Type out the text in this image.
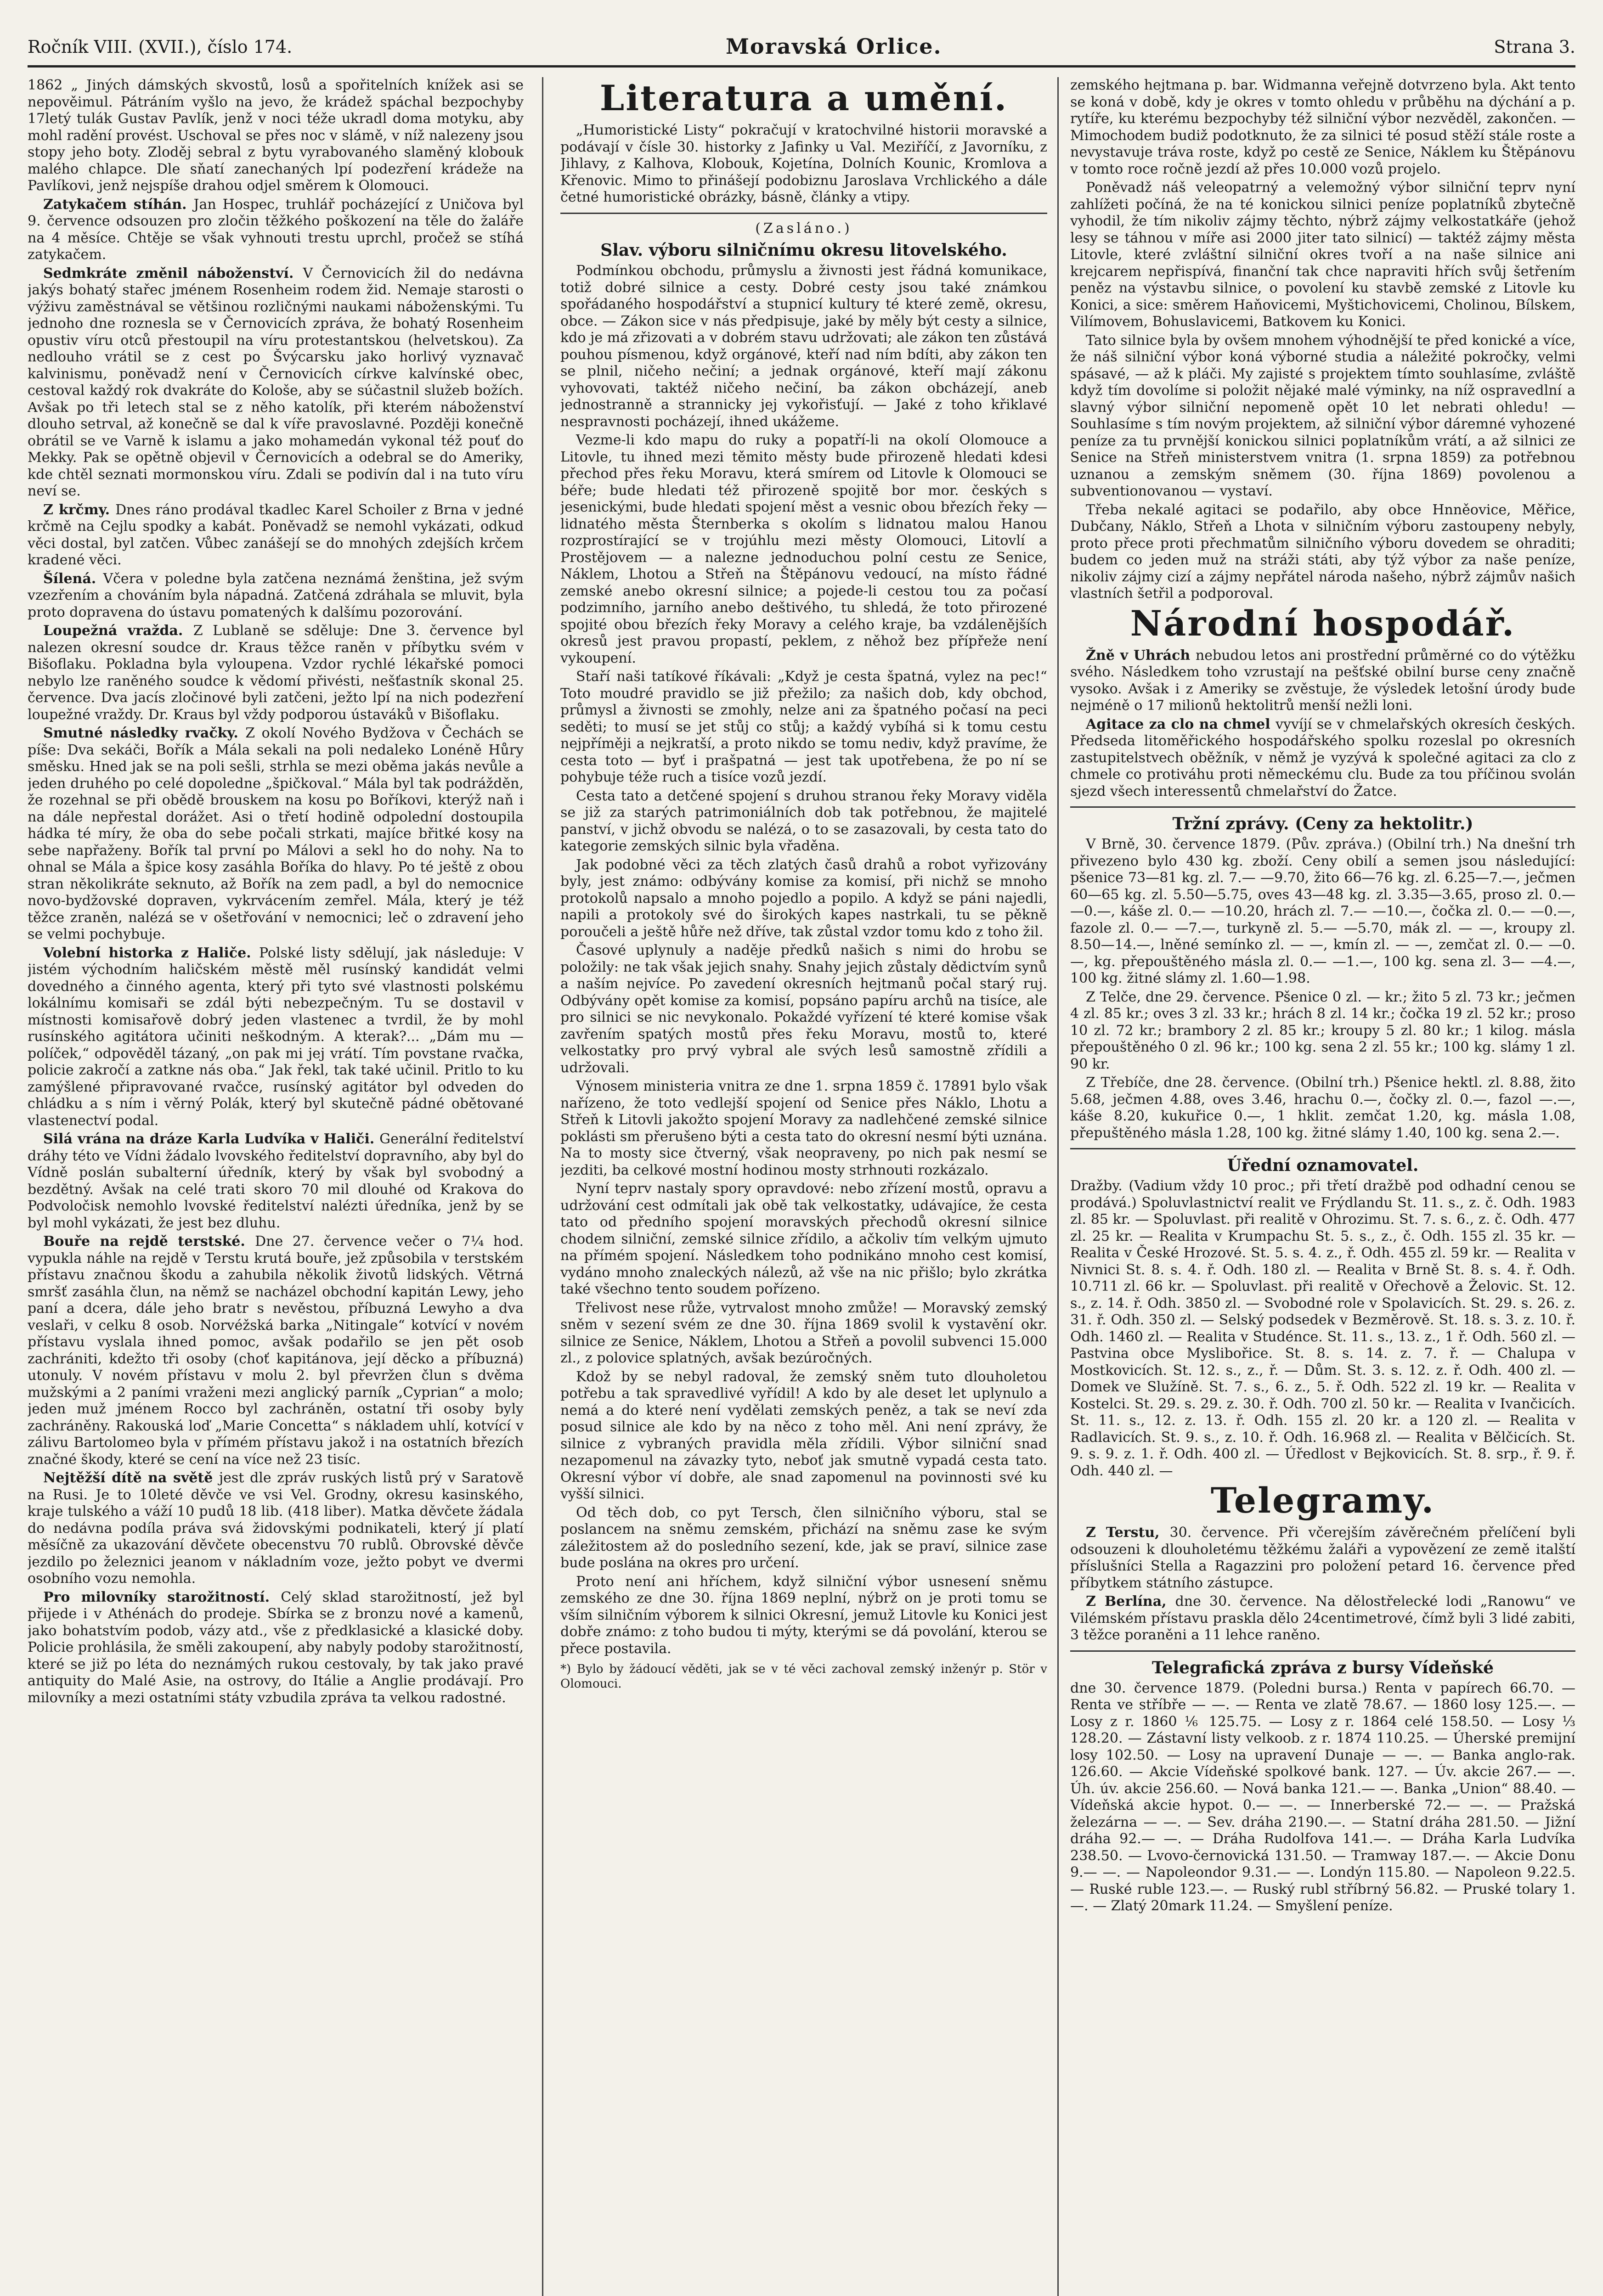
Ročník VIII. (XVII.), číslo 174.	Moravská Orlice.	Strana 3.

1862 „ Jiných dámských skvostů, losů a spořitelních knížek asi se nepověimul. Pátráním vyšlo na jevo, že krádež spáchal bezpochyby 17letý tulák Gustav Pavlík, jenž v noci téže ukradl doma motyku, aby mohl radění provést. Uschoval se přes noc v slámě, v níž nalezeny jsou stopy jeho boty. Zloděj sebral z bytu vyrabovaného slaměný klobouk malého chlapce. Dle sňatí zanechaných lpí podezření krádeže na Pavlíkovi, jenž nejspíše drahou odjel směrem k Olomouci.

Zatykačem stíhán. Jan Hospec, truhlář pocházející z Uničova byl 9. července odsouzen pro zločin těžkého poškození na těle do žaláře na 4 měsíce. Chtěje se však vyhnouti trestu uprchl, pročež se stíhá zatykačem.

Sedmkráte změnil náboženství. V Černovicích žil do nedávna jakýs bohatý stařec jménem Rosenheim rodem žid. Nemaje starosti o výživu zaměstnával se většinou rozličnými naukami náboženskými. Tu jednoho dne roznesla se v Černovicích zpráva, že bohatý Rosenheim opustiv víru otců přestoupil na víru protestantskou (helvetskou). Za nedlouho vrátil se z cest po Švýcarsku jako horlivý vyznavač kalvinismu, poněvadž není v Černovicích církve kalvínské obec, cestoval každý rok dvakráte do Kološe, aby se súčastnil služeb božích. Avšak po tři letech stal se z něho katolík, při kterém náboženství dlouho setrval, až konečně se dal k víře pravoslavné. Později konečně obrátil se ve Varně k islamu a jako mohamedán vykonal též pouť do Mekky. Pak se opětně objevil v Černovicích a odebral se do Ameriky, kde chtěl seznati mormonskou víru. Zdali se podivín dal i na tuto víru neví se.

Z krčmy. Dnes ráno prodával tkadlec Karel Schoiler z Brna v jedné krčmě na Cejlu spodky a kabát. Poněvadž se nemohl vykázati, odkud věci dostal, byl zatčen. Vůbec zanášejí se do mnohých zdejších krčem kradené věci.

Šílená. Včera v poledne byla zatčena neznámá ženština, jež svým vzezřením a chováním byla nápadná. Zatčená zdráhala se mluvit, byla proto dopravena do ústavu pomatených k dalšímu pozorování.

Loupežná vražda. Z Lublaně se sděluje: Dne 3. července byl nalezen okresní soudce dr. Kraus těžce raněn v příbytku svém v Bišoflaku. Pokladna byla vyloupena. Vzdor rychlé lékařské pomoci nebylo lze raněného soudce k vědomí přivésti, nešťastník skonal 25. července. Dva jacís zločinové byli zatčeni, ježto lpí na nich podezření loupežné vraždy. Dr. Kraus byl vždy podporou ústaváků v Bišoflaku.

Smutné následky rvačky. Z okolí Nového Bydžova v Čechách se píše: Dva sekáči, Bořík a Mála sekali na poli nedaleko Lonéně Hůry směsku. Hned jak se na poli sešli, strhla se mezi oběma jakás nevůle a jeden druhého po celé dopoledne „špičkoval.“ Mála byl tak podrážděn, že rozehnal se při obědě brouskem na kosu po Boříkovi, kterýž naň i na dále nepřestal dorážet. Asi o třetí hodině odpolední dostoupila hádka té míry, že oba do sebe počali strkati, majíce břitké kosy na sebe napřaženy. Bořík tal první po Málovi a sekl ho do nohy. Na to ohnal se Mála a špice kosy zasáhla Boříka do hlavy. Po té ještě z obou stran několikráte seknuto, až Bořík na zem padl, a byl do nemocnice novo-bydžovské dopraven, vykrvácením zemřel. Mála, který je též těžce zraněn, nalézá se v ošetřování v nemocnici; leč o zdravení jeho se velmi pochybuje.

Volební historka z Haliče. Polské listy sdělují, jak následuje: V jistém východním haličském městě měl rusínský kandidát velmi dovedného a činného agenta, který při tyto své vlastnosti polskému lokálnímu komisaři se zdál býti nebezpečným. Tu se dostavil v místnosti komisařově dobrý jeden vlastenec a tvrdil, že by mohl rusínského agitátora učiniti neškodným. A kterak?... „Dám mu — políček,“ odpověděl tázaný, „on pak mi jej vrátí. Tím povstane rvačka, policie zakročí a zatkne nás oba.“ Jak řekl, tak také učinil. Pritlo to ku zamýšlené připravované rvačce, rusínský agitátor byl odveden do chládku a s ním i věrný Polák, který byl skutečně pádné obětované vlastenectví podal.

Silá vrána na dráze Karla Ludvíka v Haliči. Generální ředitelství dráhy této ve Vídni žádalo lvovského ředitelství dopravního, aby byl do Vídně poslán subalterní úředník, který by však byl svobodný a bezdětný. Avšak na celé trati skoro 70 mil dlouhé od Krakova do Podvoločisk nemohlo lvovské ředitelství nalézti úředníka, jenž by se byl mohl vykázati, že jest bez dluhu.

Bouře na rejdě terstské. Dne 27. července večer o 7¼ hod. vypukla náhle na rejdě v Terstu krutá bouře, jež způsobila v terstském přístavu značnou škodu a zahubila několik životů lidských. Větrná smršť zasáhla člun, na němž se nacházel obchodní kapitán Lewy, jeho paní a dcera, dále jeho bratr s nevěstou, příbuzná Lewyho a dva veslaři, v celku 8 osob. Norvéžská barka „Nitingale“ kotvící v novém přístavu vyslala ihned pomoc, avšak podařilo se jen pět osob zachrániti, kdežto tři osoby (choť kapitánova, její děcko a příbuzná) utonuly. V novém přístavu v molu 2. byl převržen člun s dvěma mužskými a 2 paními vraženi mezi anglický parník „Cyprian“ a molo; jeden muž jménem Rocco byl zachráněn, ostatní tři osoby byly zachráněny. Rakouská loď „Marie Concetta“ s nákladem uhlí, kotvící v zálivu Bartolomeo byla v přímém přístavu jakož i na ostatních březích značné škody, které se cení na více než 23 tisíc.

Nejtěžší dítě na světě jest dle zpráv ruských listů prý v Saratově na Rusi. Je to 10leté děvče ve vsi Vel. Grodny, okresu kasinského, kraje tulského a váží 10 pudů 18 lib. (418 liber). Matka děvčete žádala do nedávna podíla práva svá židovskými podnikateli, který jí platí měsíčně za ukazování děvčete obecenstvu 70 rublů. Obrovské děvče jezdilo po železnici jeanom v nákladním voze, ježto pobyt ve dvermi osobního vozu nemohla.

Pro milovníky starožitností. Celý sklad starožitností, jež byl přijede i v Athénách do prodeje. Sbírka se z bronzu nové a kamenů, jako bohatstvím podob, vázy atd., vše z předklasické a klasické doby. Policie prohlásila, že směli zakoupení, aby nabyly podoby starožitností, které se již po léta do neznámých rukou cestovaly, by tak jako pravé antiquity do Malé Asie, na ostrovy, do Itálie a Anglie prodávají. Pro milovníky a mezi ostatními státy vzbudila zpráva ta velkou radostné.

Literatura a umění.

„Humoristické Listy“ pokračují v kratochvilné historii moravské a podávají v čísle 30. historky z Jafinky u Val. Meziříčí, z Javorníku, z Jihlavy, z Kalhova, Klobouk, Kojetína, Dolních Kounic, Kromlova a Křenovic. Mimo to přinášejí podobiznu Jaroslava Vrchlického a dále četné humoristické obrázky, básně, články a vtipy.

(Zasláno.)
Slav. výboru silničnímu okresu litovelského.

Podmínkou obchodu, průmyslu a živnosti jest řádná komunikace, totiž dobré silnice a cesty. Dobré cesty jsou také známkou spořádaného hospodářství a stupnicí kultury té které země, okresu, obce. — Zákon sice v nás předpisuje, jaké by měly být cesty a silnice, kdo je má zřizovati a v dobrém stavu udržovati; ale zákon ten zůstává pouhou písmenou, když orgánové, kteří nad ním bdíti, aby zákon ten se plnil, ničeho nečiní; a jednak orgánové, kteří mají zákonu vyhovovati, taktéž ničeho nečiní, ba zákon obcházejí, aneb jednostranně a strannicky jej vykořisťují. — Jaké z toho křiklavé nespravnosti pocházejí, ihned ukážeme.

Vezme-li kdo mapu do ruky a popatří-li na okolí Olomouce a Litovle, tu ihned mezi těmito městy bude přirozeně hledati kdesi přechod přes řeku Moravu, která smírem od Litovle k Olomouci se béře; bude hledati též přirozeně spojitě bor mor. českých s jesenickými, bude hledati spojení měst a vesnic obou březích řeky — lidnatého města Šternberka s okolím s lidnatou malou Hanou rozprostírající se v trojúhlu mezi městy Olomouci, Litovlí a Prostějovem — a nalezne jednoduchou polní cestu ze Senice, Náklem, Lhotou a Střeň na Štěpánovu vedoucí, na místo řádné zemské anebo okresní silnice; a pojede-li cestou tou za počasí podzimního, jarního anebo deštivého, tu shledá, že toto přirozené spojité obou březích řeky Moravy a celého kraje, ba vzdálenějších okresů jest pravou propastí, peklem, z něhož bez přípřeže není vykoupení.

Staří naši tatíkové říkávali: „Když je cesta špatná, vylez na pec!“ Toto moudré pravidlo se již přežilo; za našich dob, kdy obchod, průmysl a živnosti se zmohly, nelze ani za špatného počasí na peci seděti; to musí se jet stůj co stůj; a každý vybíhá si k tomu cestu nejpříměji a nejkratší, a proto nikdo se tomu nediv, když pravíme, že cesta toto — byť i prašpatná — jest tak upotřebena, že po ní se pohybuje téže ruch a tisíce vozů jezdí.

Cesta tato a detčené spojení s druhou stranou řeky Moravy viděla se již za starých patrimoniálních dob tak potřebnou, že majitelé panství, v jichž obvodu se nalézá, o to se zasazovali, by cesta tato do kategorie zemských silnic byla vřaděna.

Jak podobné věci za těch zlatých časů drahů a robot vyřizovány byly, jest známo: odbývány komise za komisí, při nichž se mnoho protokolů napsalo a mnoho pojedlo a popilo. A když se páni najedli, napili a protokoly své do širokých kapes nastrkali, tu se pěkně poroučeli a ještě hůře než dříve, tak zůstal vzdor tomu kdo z toho žil.

Časové uplynuly a naděje předků našich s nimi do hrobu se položily: ne tak však jejich snahy. Snahy jejich zůstaly dědictvím synů a naším nejvíce. Po zavedení okresních hejtmanů počal starý ruj. Odbývány opět komise za komisí, popsáno papíru archů na tisíce, ale pro silnici se nic nevykonalo. Pokaždé vyřízení té které komise však zavřením spatých mostů přes řeku Moravu, mostů to, které velkostatky pro prvý vybral ale svých lesů samostně zřídili a udržovali.

Výnosem ministeria vnitra ze dne 1. srpna 1859 č. 17891 bylo však nařízeno, že toto vedlejší spojení od Senice přes Náklo, Lhotu a Střeň k Litovli jakožto spojení Moravy za nadlehčené zemské silnice poklásti sm přerušeno býti a cesta tato do okresní nesmí býti uznána. Na to mosty sice čtverný, však neopraveny, po nich pak nesmí se jezditi, ba celkové mostní hodinou mosty strhnouti rozkázalo.

Nyní teprv nastaly spory opravdové: nebo zřízení mostů, opravu a udržování cest odmítali jak obě tak velkostatky, udávajíce, že cesta tato od předního spojení moravských přechodů okresní silnice chodem silniční, zemské silnice zřídilo, a ačkoliv tím velkým ujmuto na přímém spojení. Následkem toho podnikáno mnoho cest komisí, vydáno mnoho znaleckých nálezů, až vše na nic přišlo; bylo zkrátka také všechno tento soudem pořízeno.

Třelivost nese růže, vytrvalost mnoho zmůže! — Moravský zemský sněm v sezení svém ze dne 30. října 1869 svolil k vystavění okr. silnice ze Senice, Náklem, Lhotou a Střeň a povolil subvenci 15.000 zl., z polovice splatných, avšak bezúročných.

Kdož by se nebyl radoval, že zemský sněm tuto dlouholetou potřebu a tak spravedlivé vyřídil! A kdo by ale deset let uplynulo a nemá a do které není vydělati zemských peněz, a tak se neví zda posud silnice ale kdo by na něco z toho měl. Ani není zprávy, že silnice z vybraných pravidla měla zřídili. Výbor silniční snad nezapomenul na závazky tyto, neboť jak smutně vypadá cesta tato. Okresní výbor ví dobře, ale snad zapomenul na povinnosti své ku vyšší silnici.

Od těch dob, co pyt Tersch, člen silničního výboru, stal se poslancem na sněmu zemském, přichází na sněmu zase ke svým záležitostem až do posledního sezení, kde, jak se praví, silnice zase bude poslána na okres pro určení.

Proto není ani hříchem, když silniční výbor usnesení sněmu zemského ze dne 30. října 1869 neplní, nýbrž on je proti tomu se vším silničním výborem k silnici Okresní, jemuž Litovle ku Konici jest dobře známo: z toho budou ti mýty, kterými se dá povolání, kterou se přece postavila.

*) Bylo by žádoucí věděti, jak se v té věci zachoval zemský inženýr p. Stör v Olomouci.

zemského hejtmana p. bar. Widmanna veřejně dotvrzeno byla. Akt tento se koná v době, kdy je okres v tomto ohledu v průběhu na dýchání a p. rytíře, ku kterému bezpochyby též silniční výbor nezvěděl, zakončen. — Mimochodem budiž podotknuto, že za silnici té posud stěží stále roste a nevystavuje tráva roste, když po cestě ze Senice, Náklem ku Štěpánovu v tomto roce ročně jezdí až přes 10.000 vozů projelo.

Poněvadž náš veleopatrný a velemožný výbor silniční teprv nyní zahlížeti počíná, že na té konickou silnici peníze poplatníků zbytečně vyhodil, že tím nikoliv zájmy těchto, nýbrž zájmy velkostatkáře (jehož lesy se táhnou v míře asi 2000 jiter tato silnicí) — taktéž zájmy města Litovle, které zvláštní silniční okres tvoří a na naše silnice ani krejcarem nepřispívá, finanční tak chce napraviti hřích svůj šetřením peněz na výstavbu silnice, o povolení ku stavbě zemské z Litovle ku Konici, a sice: směrem Haňovicemi, Myštichovicemi, Cholinou, Bílskem, Vilímovem, Bohuslavicemi, Batkovem ku Konici.

Tato silnice byla by ovšem mnohem výhodnější te před konické a více, že náš silniční výbor koná výborné studia a náležité pokročky, velmi spásavé, — až k pláči. My zajisté s projektem tímto souhlasíme, zvláště když tím dovolíme si položit nějaké malé výminky, na níž ospravedlní a slavný výbor silniční nepomeně opět 10 let nebrati ohledu! — Souhlasíme s tím novým projektem, až silniční výbor dáremné vyhozené peníze za tu prvnější konickou silnici poplatníkům vrátí, a až silnici ze Senice na Střeň ministerstvem vnitra (1. srpna 1859) za potřebnou uznanou a zemským sněmem (30. října 1869) povolenou a subventionovanou — vystaví.

Třeba nekalé agitaci se podařilo, aby obce Hnněovice, Měřice, Dubčany, Náklo, Střeň a Lhota v silničním výboru zastoupeny nebyly, proto přece proti přechmatům silničního výboru dovedem se ohraditi; budem co jeden muž na stráži státi, aby týž výbor za naše peníze, nikoliv zájmy cizí a zájmy nepřátel národa našeho, nýbrž zájmův našich vlastních šetřil a podporoval.

Národní hospodář.

Žně v Uhrách nebudou letos ani prostřední průměrné co do výtěžku svého. Následkem toho vzrustají na pešťské obilní burse ceny značně vysoko. Avšak i z Ameriky se zvěstuje, že výsledek letošní úrody bude nejméně o 17 milionů hektolitrů menší nežli loni.

Agitace za clo na chmel vyvíjí se v chmelařských okresích českých. Předseda litoměřického hospodářského spolku rozeslal po okresních zastupitelstvech oběžník, v němž je vyzývá k společné agitaci za clo z chmele co protiváhu proti německému clu. Bude za tou příčinou svolán sjezd všech interessentů chmelařství do Žatce.

Tržní zprávy. (Ceny za hektolitr.)

V Brně, 30. července 1879. (Pův. zpráva.) (Obilní trh.) Na dnešní trh přivezeno bylo 430 kg. zboží. Ceny obilí a semen jsou následující: pšenice 73—81 kg. zl. 7.— —9.70, žito 66—76 kg. zl. 6.25—7.—, ječmen 60—65 kg. zl. 5.50—5.75, oves 43—48 kg. zl. 3.35—3.65, proso zl. 0.— —0.—, káše zl. 0.— —10.20, hrách zl. 7.— —10.—, čočka zl. 0.— —0.—, fazole zl. 0.— —7.—, turkyně zl. 5.— —5.70, mák zl. — —, kroupy zl. 8.50—14.—, lněné semínko zl. — —, kmín zl. — —, zemčat zl. 0.— —0.—, kg. přepouštěného másla zl. 0.— —1.—, 100 kg. sena zl. 3— —4.—, 100 kg. žitné slámy zl. 1.60—1.98.

Z Telče, dne 29. července. Pšenice 0 zl. — kr.; žito 5 zl. 73 kr.; ječmen 4 zl. 85 kr.; oves 3 zl. 33 kr.; hrách 8 zl. 14 kr.; čočka 19 zl. 52 kr.; proso 10 zl. 72 kr.; brambory 2 zl. 85 kr.; kroupy 5 zl. 80 kr.; 1 kilog. másla přepouštěného 0 zl. 96 kr.; 100 kg. sena 2 zl. 55 kr.; 100 kg. slámy 1 zl. 90 kr.

Z Třebíče, dne 28. července. (Obilní trh.) Pšenice hektl. zl. 8.88, žito 5.68, ječmen 4.88, oves 3.46, hrachu 0.—, čočky zl. 0.—, fazol —.—, káše 8.20, kukuřice 0.—, 1 hklit. zemčat 1.20, kg. másla 1.08, přepuštěného másla 1.28, 100 kg. žitné slámy 1.40, 100 kg. sena 2.—.

Úřední oznamovatel.

Dražby. (Vadium vždy 10 proc.; při třetí dražbě pod odhadní cenou se prodává.) Spoluvlastnictví realit ve Frýdlandu St. 11. s., z. č. Odh. 1983 zl. 85 kr. — Spoluvlast. při realitě v Ohrozimu. St. 7. s. 6., z. č. Odh. 477 zl. 25 kr. — Realita v Krumpachu St. 5. s., z., č. Odh. 155 zl. 35 kr. — Realita v České Hrozové. St. 5. s. 4. z., ř. Odh. 455 zl. 59 kr. — Realita v Nivnici St. 8. s. 4. ř. Odh. 180 zl. — Realita v Brně St. 8. s. 4. ř. Odh. 10.711 zl. 66 kr. — Spoluvlast. při realitě v Ořechově a Želovic. St. 12. s., z. 14. ř. Odh. 3850 zl. — Svobodné role v Spolavicích. St. 29. s. 26. z. 31. ř. Odh. 350 zl. — Selský podsedek v Bezměrově. St. 18. s. 3. z. 10. ř. Odh. 1460 zl. — Realita v Studénce. St. 11. s., 13. z., 1 ř. Odh. 560 zl. — Pastvina obce Myslibořice. St. 8. s. 14. z. 7. ř. — Chalupa v Mostkovicích. St. 12. s., z., ř. — Dům. St. 3. s. 12. z. ř. Odh. 400 zl. — Domek ve Služíně. St. 7. s., 6. z., 5. ř. Odh. 522 zl. 19 kr. — Realita v Kostelci. St. 29. s. 29. z. 30. ř. Odh. 700 zl. 50 kr. — Realita v Ivančicích. St. 11. s., 12. z. 13. ř. Odh. 155 zl. 20 kr. a 120 zl. — Realita v Radlavicích. St. 9. s., z. 10. ř. Odh. 16.968 zl. — Realita v Bělčicích. St. 9. s. 9. z. 1. ř. Odh. 400 zl. — Úředlost v Bejkovicích. St. 8. srp., ř. 9. ř. Odh. 440 zl. —

Telegramy.

Z Terstu, 30. července. Při včerejším závěrečném přelíčení byli odsouzeni k dlouholetému těžkému žaláři a vypovězení ze země italští příslušníci Stella a Ragazzini pro položení petard 16. července před příbytkem státního zástupce.

Z Berlína, dne 30. července. Na dělostřelecké lodi „Ranowu“ ve Vilémském přístavu praskla dělo 24centimetrové, čímž byli 3 lidé zabiti, 3 těžce poraněni a 11 lehce raněno.

Telegrafická zpráva z bursy Vídeňské

dne 30. července 1879. (Poledni bursa.) Renta v papírech 66.70. — Renta ve stříbře — —. — Renta ve zlatě 78.67. — 1860 losy 125.—. — Losy z r. 1860 ⅙ 125.75. — Losy z r. 1864 celé 158.50. — Losy ⅓ 128.20. — Zástavní listy velkoob. z r. 1874 110.25. — Úherské premijní losy 102.50. — Losy na upravení Dunaje — —. — Banka anglo-rak. 126.60. — Akcie Vídeňské spolkové bank. 127. — Úv. akcie 267.— —. Úh. úv. akcie 256.60. — Nová banka 121.— —. Banka „Union“ 88.40. — Vídeňská akcie hypot. 0.— —. — Innerberské 72.— —. — Pražská železárna — —. — Sev. dráha 2190.—. — Statní dráha 281.50. — Jižní dráha 92.— —. — Dráha Rudolfova 141.—. — Dráha Karla Ludvíka 238.50. — Lvovo-černovická 131.50. — Tramway 187.—. — Akcie Donu 9.— —. — Napoleondor 9.31.— —. Londýn 115.80. — Napoleon 9.22.5. — Ruské ruble 123.—. — Ruský rubl stříbrný 56.82. — Pruské tolary 1.—. — Zlatý 20mark 11.24. — Smyšlení peníze.
